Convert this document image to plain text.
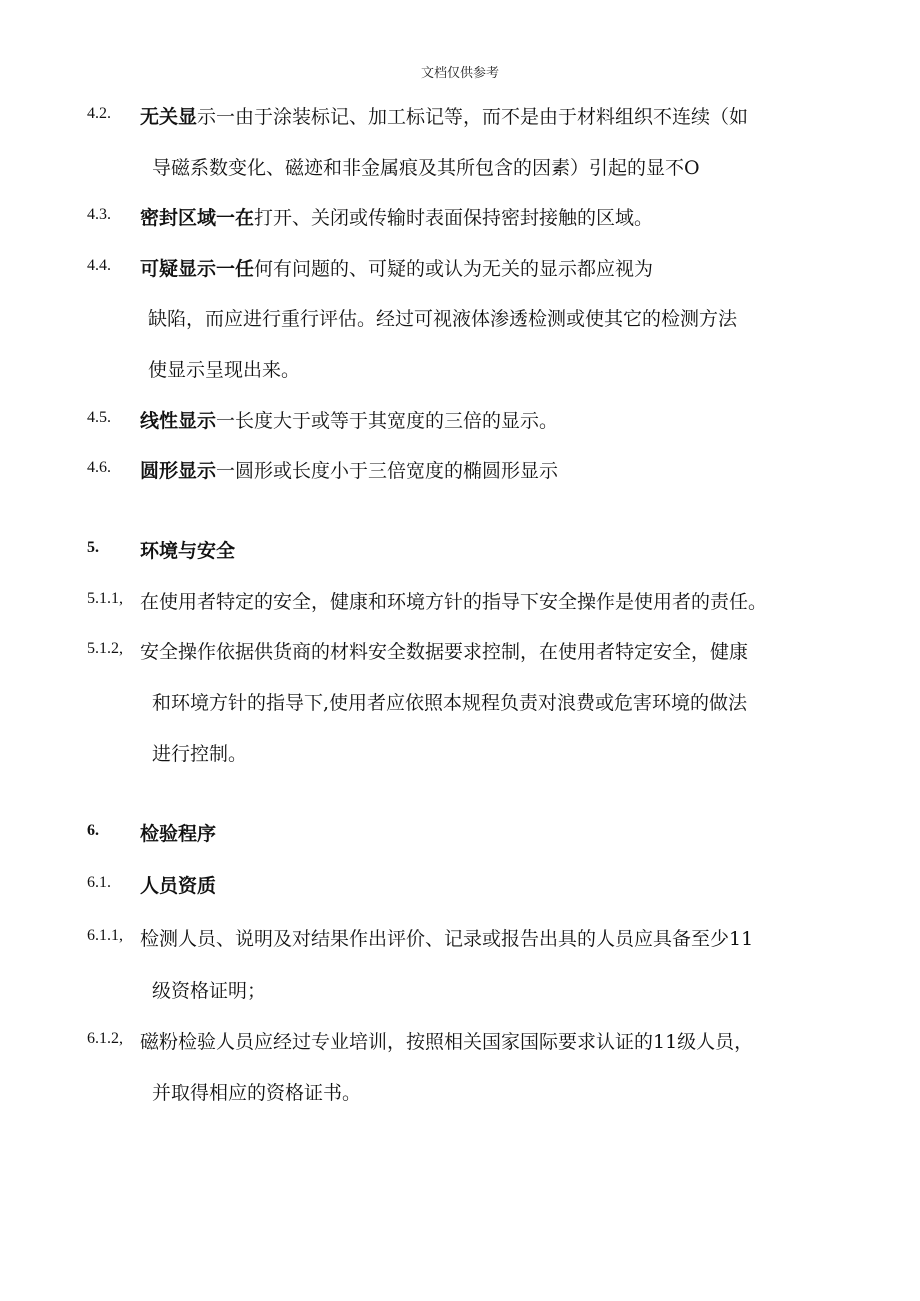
文档仅供参考
4.2. 无关显示一由于涂装标记、加工标记等，而不是由于材料组织不连续（如
导磁系数变化、磁迹和非金属痕及其所包含的因素）引起的显不O
4.3. 密封区域一在打开、关闭或传输时表面保持密封接触的区域。
4.4. 可疑显示一任何有问题的、可疑的或认为无关的显示都应视为
缺陷，而应进行重行评估。经过可视液体渗透检测或使其它的检测方法
使显示呈现出来。
4.5. 线性显示一长度大于或等于其宽度的三倍的显示。
4.6. 圆形显示一圆形或长度小于三倍宽度的椭圆形显示
5. 环境与安全
5.1.1, 在使用者特定的安全，健康和环境方针的指导下安全操作是使用者的责任。
5.1.2, 安全操作依据供货商的材料安全数据要求控制，在使用者特定安全，健康
和环境方针的指导下,使用者应依照本规程负责对浪费或危害环境的做法
进行控制。
6. 检验程序
6.1. 人员资质
6.1.1, 检测人员、说明及对结果作出评价、记录或报告出具的人员应具备至少11
级资格证明；
6.1.2, 磁粉检验人员应经过专业培训，按照相关国家国际要求认证的11级人员，
并取得相应的资格证书。
